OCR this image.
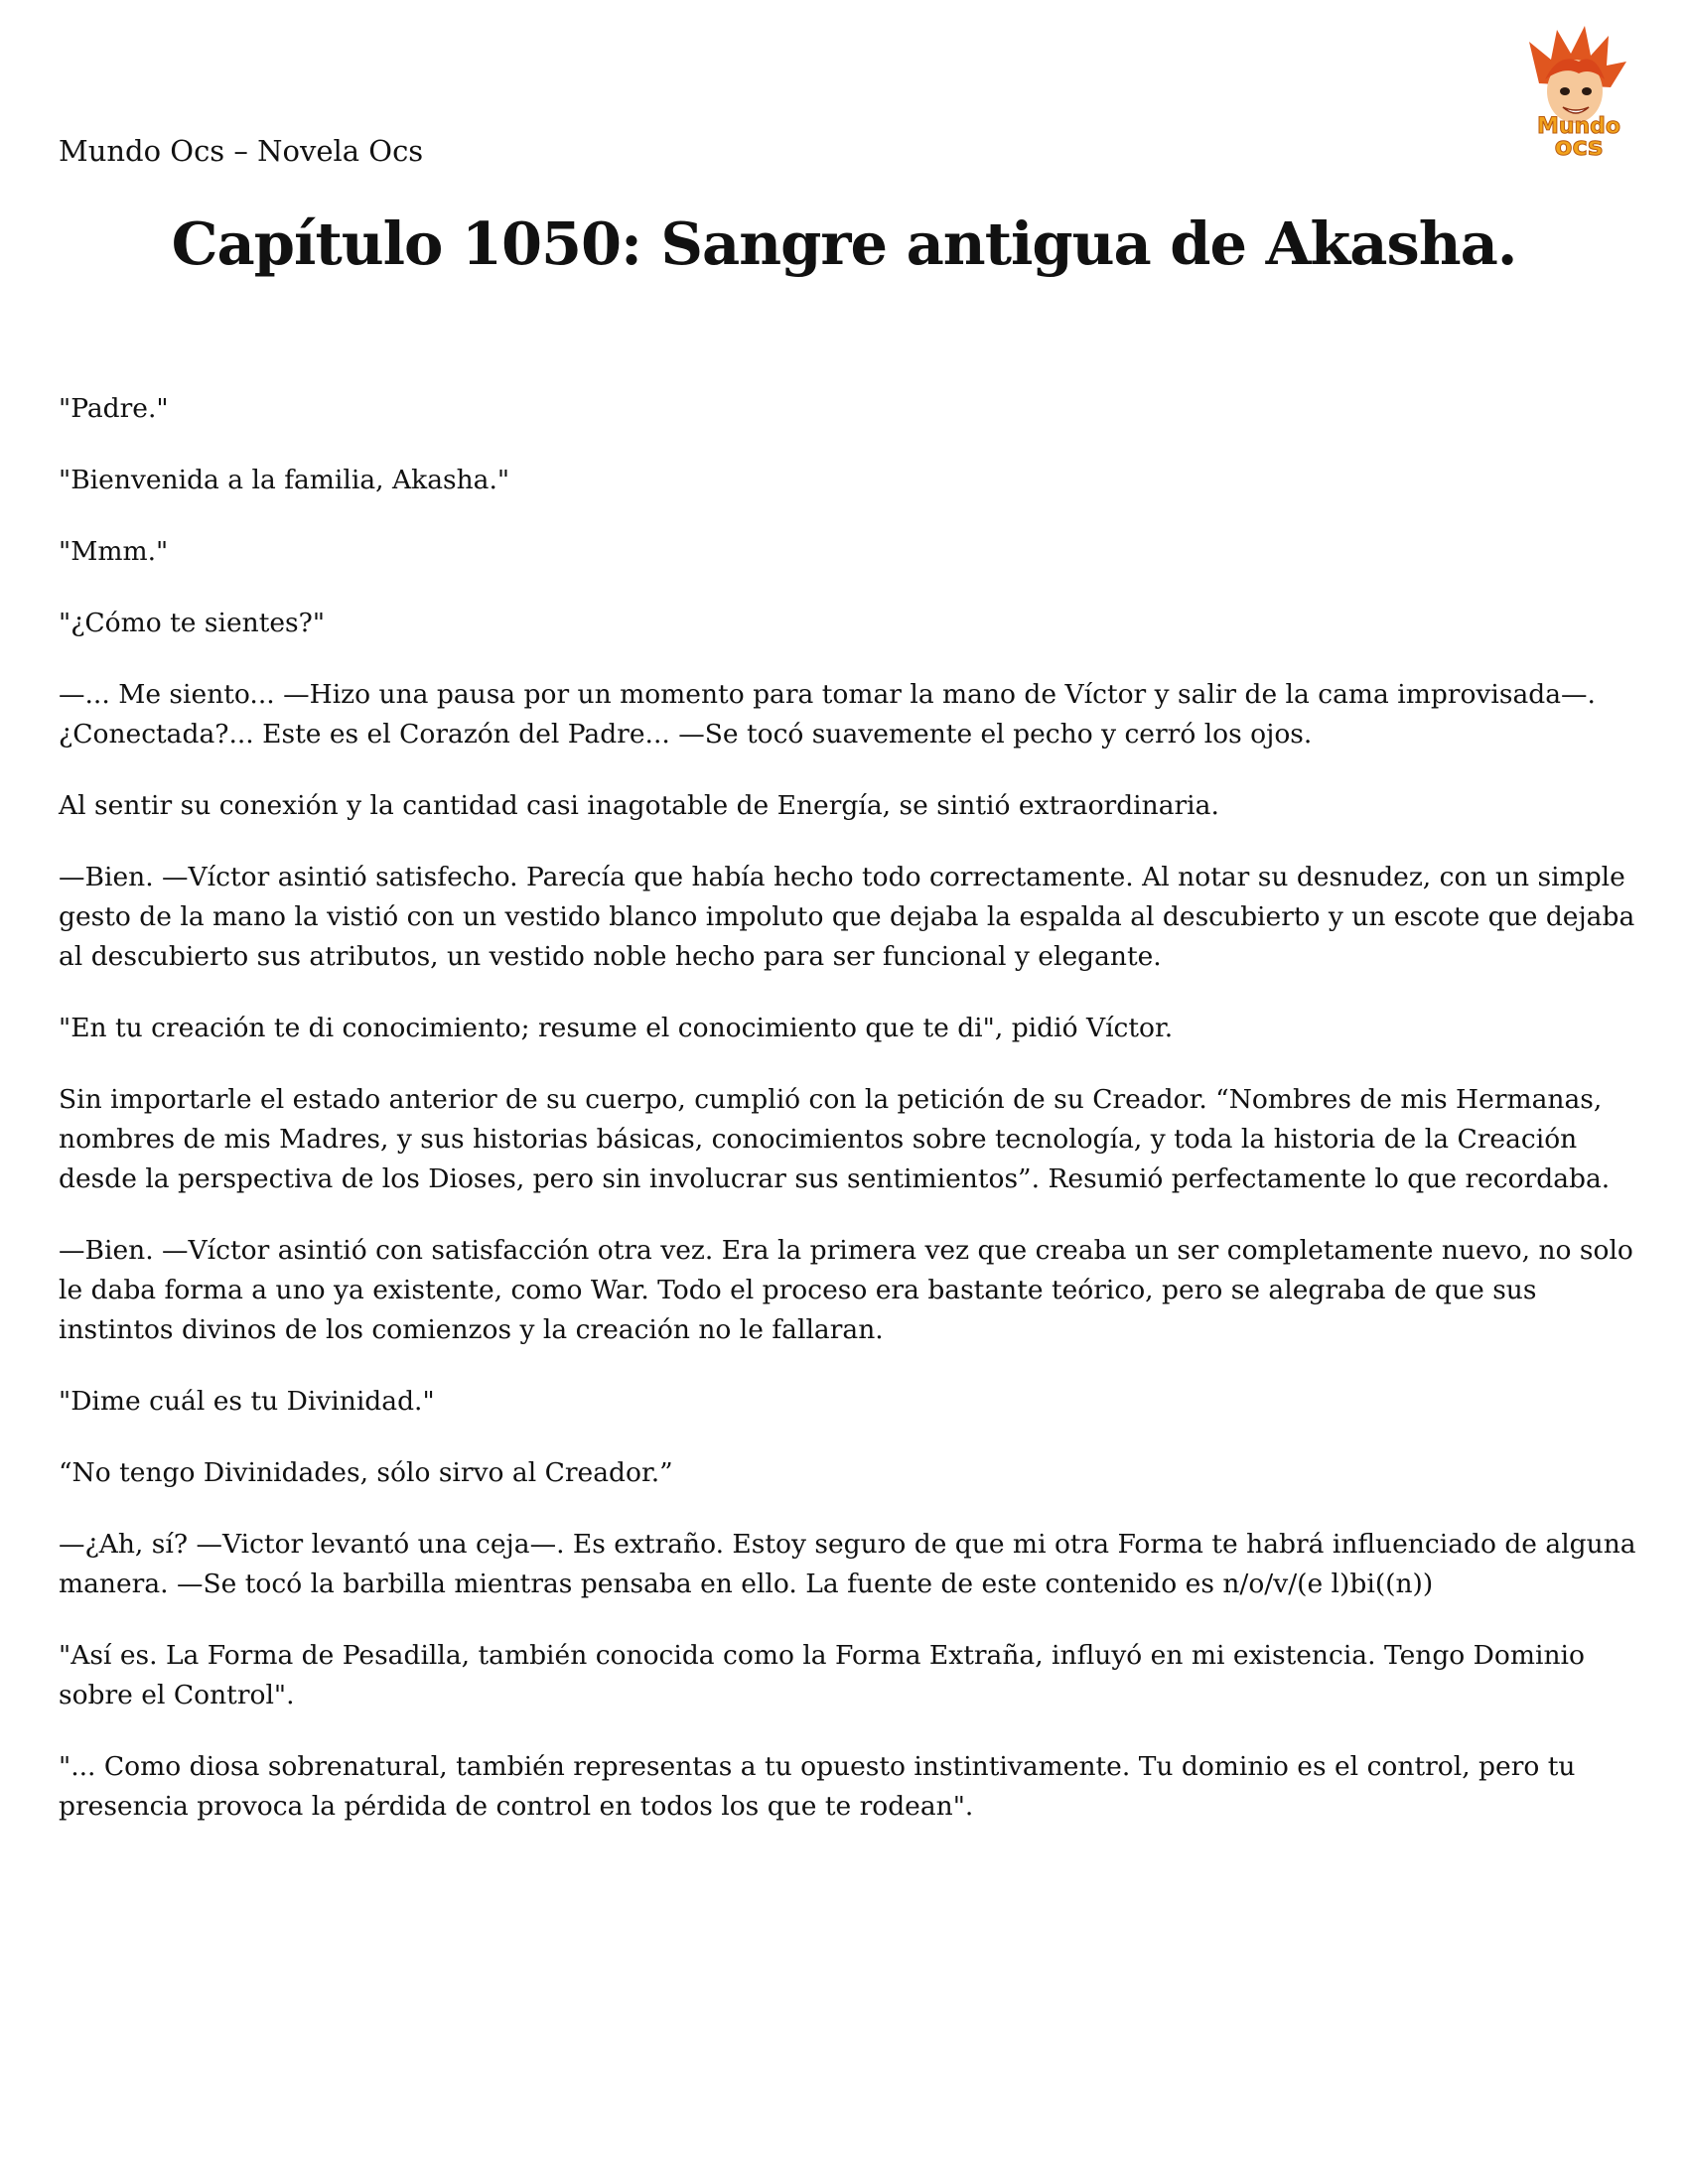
Mundo Ocs – Novela Ocs
Mundo
ocs
Capítulo 1050: Sangre antigua de Akasha.

"Padre."

"Bienvenida a la familia, Akasha."

"Mmm."

"¿Cómo te sientes?"

—... Me siento... —Hizo una pausa por un momento para tomar la mano de Víctor y salir de la cama improvisada—. ¿Conectada?... Este es el Corazón del Padre... —Se tocó suavemente el pecho y cerró los ojos.

Al sentir su conexión y la cantidad casi inagotable de Energía, se sintió extraordinaria.

—Bien. —Víctor asintió satisfecho. Parecía que había hecho todo correctamente. Al notar su desnudez, con un simple gesto de la mano la vistió con un vestido blanco impoluto que dejaba la espalda al descubierto y un escote que dejaba al descubierto sus atributos, un vestido noble hecho para ser funcional y elegante.

"En tu creación te di conocimiento; resume el conocimiento que te di", pidió Víctor.

Sin importarle el estado anterior de su cuerpo, cumplió con la petición de su Creador. “Nombres de mis Hermanas, nombres de mis Madres, y sus historias básicas, conocimientos sobre tecnología, y toda la historia de la Creación desde la perspectiva de los Dioses, pero sin involucrar sus sentimientos”. Resumió perfectamente lo que recordaba.

—Bien. —Víctor asintió con satisfacción otra vez. Era la primera vez que creaba un ser completamente nuevo, no solo le daba forma a uno ya existente, como War. Todo el proceso era bastante teórico, pero se alegraba de que sus instintos divinos de los comienzos y la creación no le fallaran.

"Dime cuál es tu Divinidad."

“No tengo Divinidades, sólo sirvo al Creador.”

—¿Ah, sí? —Victor levantó una ceja—. Es extraño. Estoy seguro de que mi otra Forma te habrá influenciado de alguna manera. —Se tocó la barbilla mientras pensaba en ello. La fuente de este contenido es n/o/v/(e l)bi((n))

"Así es. La Forma de Pesadilla, también conocida como la Forma Extraña, influyó en mi existencia. Tengo Dominio sobre el Control".

"... Como diosa sobrenatural, también representas a tu opuesto instintivamente. Tu dominio es el control, pero tu presencia provoca la pérdida de control en todos los que te rodean".
